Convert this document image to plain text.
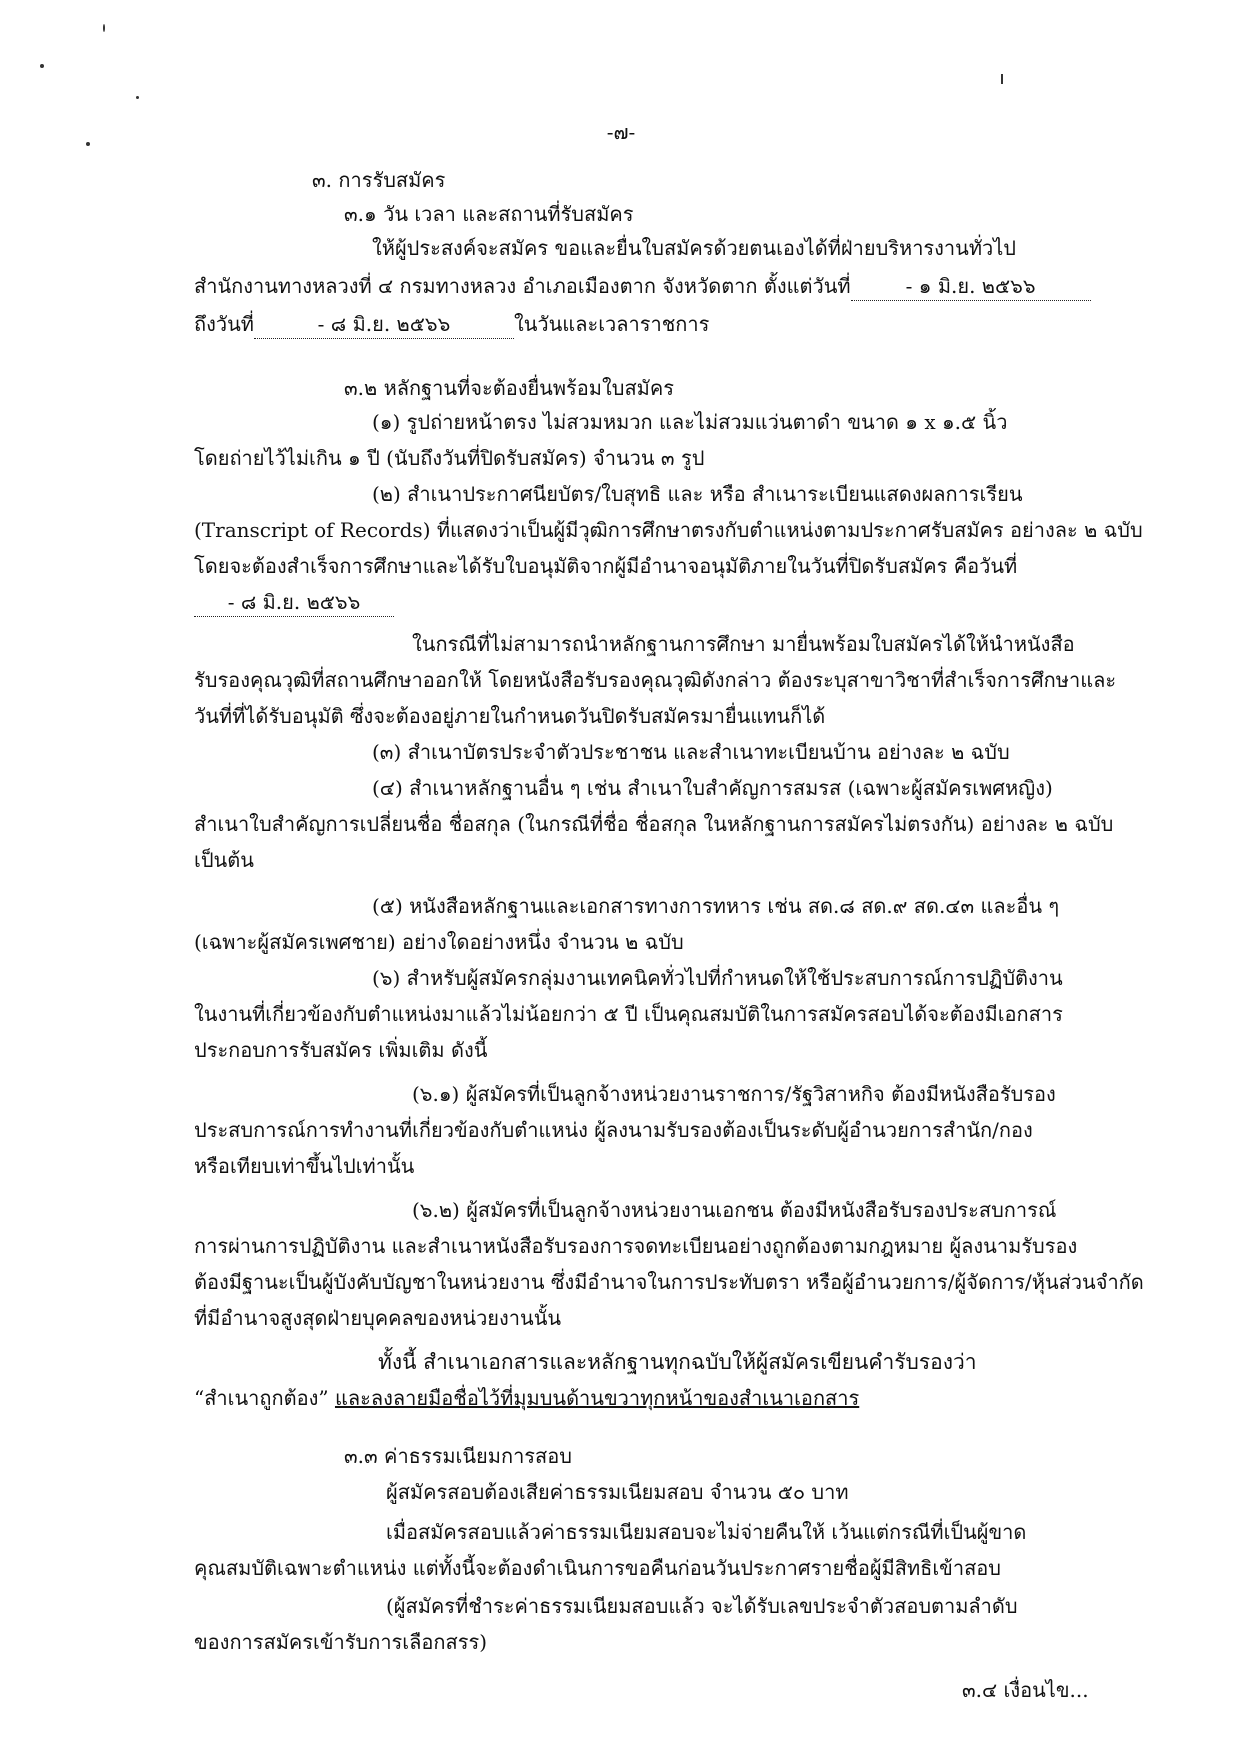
-๗-
๓. การรับสมัคร
๓.๑ วัน เวลา และสถานที่รับสมัคร
ให้ผู้ประสงค์จะสมัคร ขอและยื่นใบสมัครด้วยตนเองได้ที่ฝ่ายบริหารงานทั่วไป
สำนักงานทางหลวงที่ ๔ กรมทางหลวง อำเภอเมืองตาก จังหวัดตาก ตั้งแต่วันที่	- ๑ มิ.ย. ๒๕๖๖
ถึงวันที่	- ๘ มิ.ย. ๒๕๖๖	ในวันและเวลาราชการ
๓.๒ หลักฐานที่จะต้องยื่นพร้อมใบสมัคร
(๑) รูปถ่ายหน้าตรง ไม่สวมหมวก และไม่สวมแว่นตาดำ ขนาด ๑ x ๑.๕ นิ้ว
โดยถ่ายไว้ไม่เกิน ๑ ปี (นับถึงวันที่ปิดรับสมัคร) จำนวน ๓ รูป
(๒) สำเนาประกาศนียบัตร/ใบสุทธิ และ หรือ สำเนาระเบียนแสดงผลการเรียน
(Transcript of Records) ที่แสดงว่าเป็นผู้มีวุฒิการศึกษาตรงกับตำแหน่งตามประกาศรับสมัคร อย่างละ ๒ ฉบับ
โดยจะต้องสำเร็จการศึกษาและได้รับใบอนุมัติจากผู้มีอำนาจอนุมัติภายในวันที่ปิดรับสมัคร คือวันที่
- ๘ มิ.ย. ๒๕๖๖
ในกรณีที่ไม่สามารถนำหลักฐานการศึกษา มายื่นพร้อมใบสมัครได้ให้นำหนังสือ
รับรองคุณวุฒิที่สถานศึกษาออกให้ โดยหนังสือรับรองคุณวุฒิดังกล่าว ต้องระบุสาขาวิชาที่สำเร็จการศึกษาและ
วันที่ที่ได้รับอนุมัติ ซึ่งจะต้องอยู่ภายในกำหนดวันปิดรับสมัครมายื่นแทนก็ได้
(๓) สำเนาบัตรประจำตัวประชาชน และสำเนาทะเบียนบ้าน อย่างละ ๒ ฉบับ
(๔) สำเนาหลักฐานอื่น ๆ เช่น สำเนาใบสำคัญการสมรส (เฉพาะผู้สมัครเพศหญิง)
สำเนาใบสำคัญการเปลี่ยนชื่อ ชื่อสกุล (ในกรณีที่ชื่อ ชื่อสกุล ในหลักฐานการสมัครไม่ตรงกัน) อย่างละ ๒ ฉบับ
เป็นต้น
(๕) หนังสือหลักฐานและเอกสารทางการทหาร เช่น สด.๘ สด.๙ สด.๔๓ และอื่น ๆ
(เฉพาะผู้สมัครเพศชาย) อย่างใดอย่างหนึ่ง จำนวน ๒ ฉบับ
(๖) สำหรับผู้สมัครกลุ่มงานเทคนิคทั่วไปที่กำหนดให้ใช้ประสบการณ์การปฏิบัติงาน
ในงานที่เกี่ยวข้องกับตำแหน่งมาแล้วไม่น้อยกว่า ๕ ปี เป็นคุณสมบัติในการสมัครสอบได้จะต้องมีเอกสาร
ประกอบการรับสมัคร เพิ่มเติม ดังนี้
(๖.๑) ผู้สมัครที่เป็นลูกจ้างหน่วยงานราชการ/รัฐวิสาหกิจ ต้องมีหนังสือรับรอง
ประสบการณ์การทำงานที่เกี่ยวข้องกับตำแหน่ง ผู้ลงนามรับรองต้องเป็นระดับผู้อำนวยการสำนัก/กอง
หรือเทียบเท่าขึ้นไปเท่านั้น
(๖.๒) ผู้สมัครที่เป็นลูกจ้างหน่วยงานเอกชน ต้องมีหนังสือรับรองประสบการณ์
การผ่านการปฏิบัติงาน และสำเนาหนังสือรับรองการจดทะเบียนอย่างถูกต้องตามกฎหมาย ผู้ลงนามรับรอง
ต้องมีฐานะเป็นผู้บังคับบัญชาในหน่วยงาน ซึ่งมีอำนาจในการประทับตรา หรือผู้อำนวยการ/ผู้จัดการ/หุ้นส่วนจำกัด
ที่มีอำนาจสูงสุดฝ่ายบุคคลของหน่วยงานนั้น
ทั้งนี้ สำเนาเอกสารและหลักฐานทุกฉบับให้ผู้สมัครเขียนคำรับรองว่า
“สำเนาถูกต้อง” และลงลายมือชื่อไว้ที่มุมบนด้านขวาทุกหน้าของสำเนาเอกสาร
๓.๓ ค่าธรรมเนียมการสอบ
ผู้สมัครสอบต้องเสียค่าธรรมเนียมสอบ จำนวน ๕๐ บาท
เมื่อสมัครสอบแล้วค่าธรรมเนียมสอบจะไม่จ่ายคืนให้ เว้นแต่กรณีที่เป็นผู้ขาด
คุณสมบัติเฉพาะตำแหน่ง แต่ทั้งนี้จะต้องดำเนินการขอคืนก่อนวันประกาศรายชื่อผู้มีสิทธิเข้าสอบ
(ผู้สมัครที่ชำระค่าธรรมเนียมสอบแล้ว จะได้รับเลขประจำตัวสอบตามลำดับ
ของการสมัครเข้ารับการเลือกสรร)
๓.๔ เงื่อนไข...
